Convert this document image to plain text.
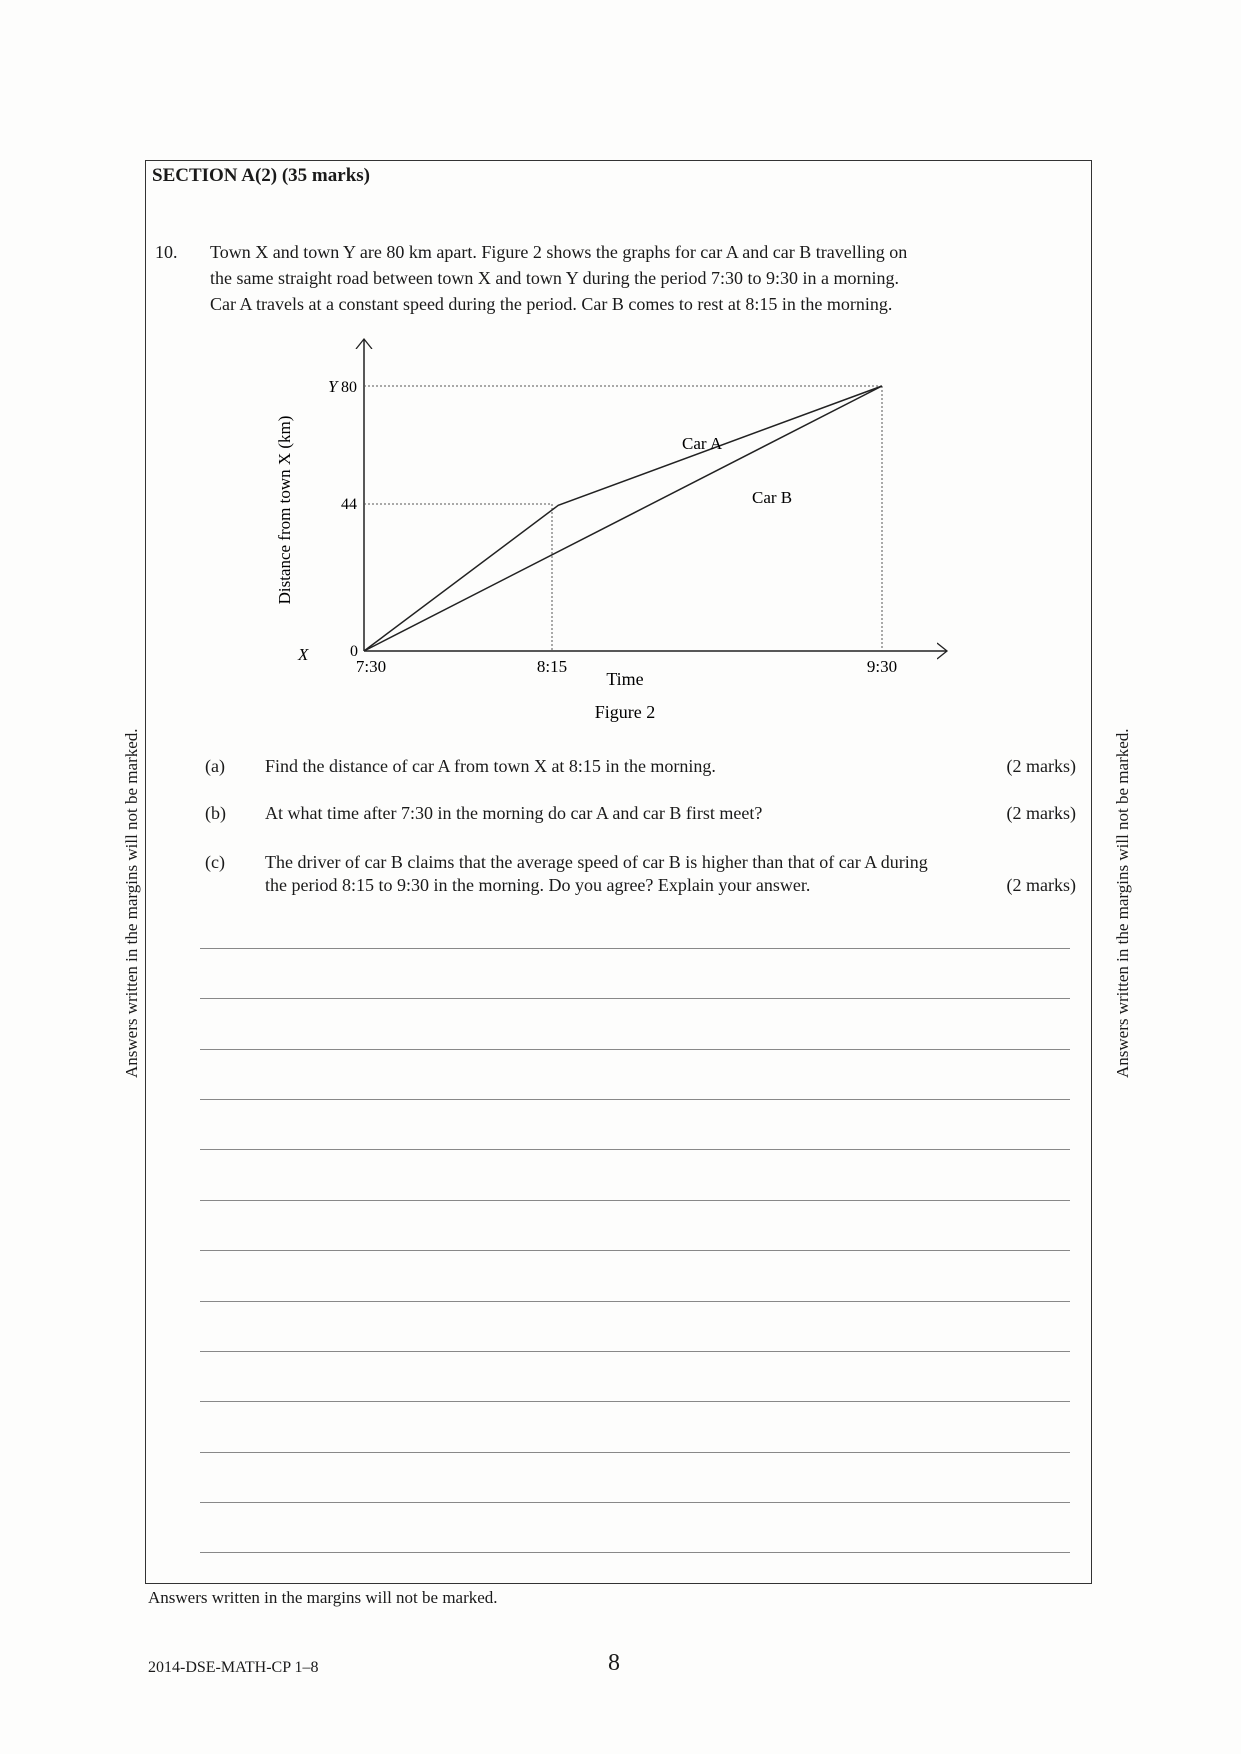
SECTION A(2) (35 marks)
10. Town X and town Y are 80 km apart. Figure 2 shows the graphs for car A and car B travelling on
the same straight road between town X and town Y during the period 7:30 to 9:30 in a morning.
Car A travels at a constant speed during the period. Car B comes to rest at 8:15 in the morning.
Y
X
80
44
0
7:30	8:15	9:30
Time
Distance from town X (km)	Car A
Car B
Figure 2
(a) Find the distance of car A from town X at 8:15 in the morning.	(2 marks)
(b) At what time after 7:30 in the morning do car A and car B first meet?	(2 marks)
(c) The driver of car B claims that the average speed of car B is higher than that of car A during
the period 8:15 to 9:30 in the morning. Do you agree? Explain your answer.	(2 marks)
Answers written in the margins will not be marked.	Answers written in the margins will not be marked.
Answers written in the margins will not be marked.
2014-DSE-MATH-CP 1–8	8
